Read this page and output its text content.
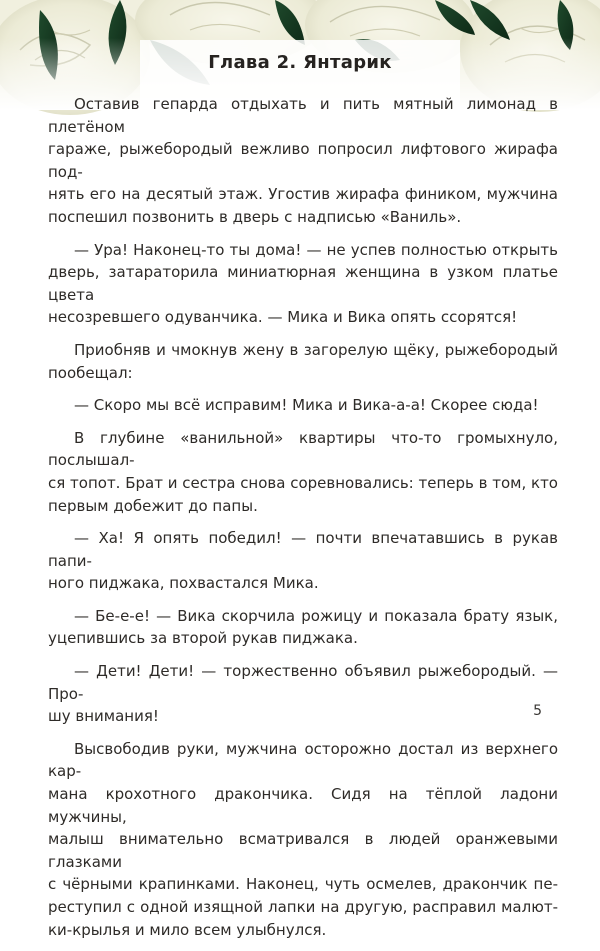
Глава 2. Янтарик

Оставив гепарда отдыхать и пить мятный лимонад в плетёном
гараже, рыжебородый вежливо попросил лифтового жирафа под-
нять его на десятый этаж. Угостив жирафа фиником, мужчина
поспешил позвонить в дверь с надписью «Ваниль».

— Ура! Наконец-то ты дома! — не успев полностью открыть
дверь, затараторила миниатюрная женщина в узком платье цвета
несозревшего одуванчика. — Мика и Вика опять ссорятся!

Приобняв и чмокнув жену в загорелую щёку, рыжебородый
пообещал:

— Скоро мы всё исправим! Мика и Вика-а-а! Скорее сюда!

В глубине «ванильной» квартиры что-то громыхнуло, послышал-
ся топот. Брат и сестра снова соревновались: теперь в том, кто
первым добежит до папы.

— Ха! Я опять победил! — почти впечатавшись в рукав папи-
ного пиджака, похвастался Мика.

— Бе-е-е! — Вика скорчила рожицу и показала брату язык,
уцепившись за второй рукав пиджака.

— Дети! Дети! — торжественно объявил рыжебородый. — Про-
шу внимания!

Высвободив руки, мужчина осторожно достал из верхнего кар-
мана крохотного дракончика. Сидя на тёплой ладони мужчины,
малыш внимательно всматривался в людей оранжевыми глазками
с чёрными крапинками. Наконец, чуть осмелев, дракончик пе-
реступил с одной изящной лапки на другую, расправил малют-
ки-крылья и мило всем улыбнулся.

5
